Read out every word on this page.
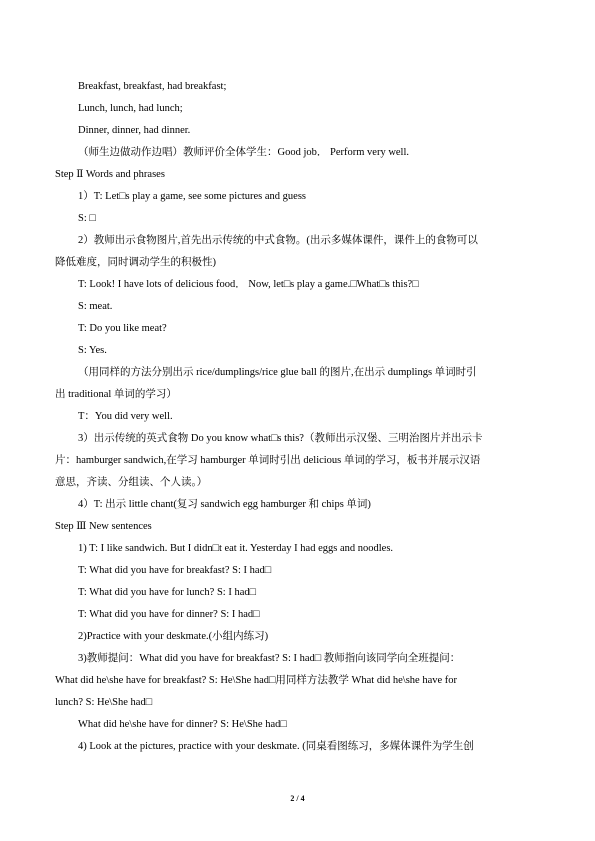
Breakfast, breakfast, had breakfast;
Lunch, lunch, had lunch;
Dinner, dinner, had dinner.
（师生边做动作边唱）教师评价全体学生：Good job． Perform very well.
Step Ⅱ Words and phrases
1）T: Let□s play a game, see some pictures and guess
S: □
2）教师出示食物图片,首先出示传统的中式食物。(出示多媒体课件，课件上的食物可以
降低难度，同时调动学生的积极性)
T: Look! I have lots of delicious food． Now, let□s play a game.□What□s this?□
S: meat.
T: Do you like meat?
S: Yes.
（用同样的方法分别出示 rice/dumplings/rice glue ball 的图片,在出示 dumplings 单词时引
出 traditional 单词的学习）
T：You did very well.
3）出示传统的英式食物 Do you know what□s this?（教师出示汉堡、三明治图片并出示卡
片：hamburger sandwich,在学习 hamburger 单词时引出 delicious 单词的学习，板书并展示汉语
意思，齐读、分组读、个人读。）
4）T: 出示 little chant(复习 sandwich egg hamburger 和 chips 单词)
Step Ⅲ New sentences
1) T: I like sandwich. But I didn□t eat it. Yesterday I had eggs and noodles.
T: What did you have for breakfast? S: I had□
T: What did you have for lunch? S: I had□
T: What did you have for dinner? S: I had□
2)Practice with your deskmate.(小组内练习)
3)教师提问：What did you have for breakfast? S: I had□ 教师指向该同学向全班提问：
What did he\she have for breakfast? S: He\She had□用同样方法教学 What did he\she have for
lunch? S: He\She had□
What did he\she have for dinner? S: He\She had□
4) Look at the pictures, practice with your deskmate. (同桌看图练习，多媒体课件为学生创
2 / 4
